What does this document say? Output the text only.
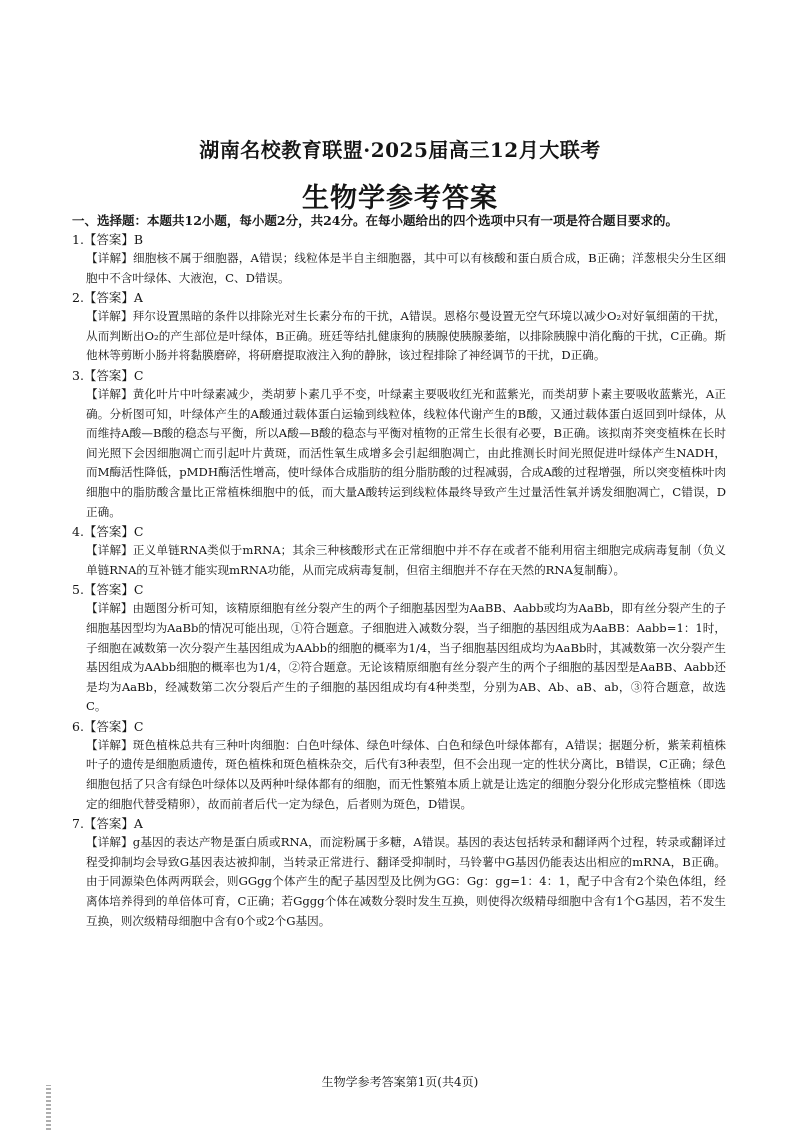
湖南名校教育联盟·2025届高三12月大联考
生物学参考答案

一、选择题：本题共12小题，每小题2分，共24分。在每小题给出的四个选项中只有一项是符合题目要求的。

1.【答案】B

【详解】细胞核不属于细胞器，A错误；线粒体是半自主细胞器，其中可以有核酸和蛋白质合成，B正确；洋葱根尖分生区细胞中不含叶绿体、大液泡，C、D错误。

2.【答案】A

【详解】拜尔设置黑暗的条件以排除光对生长素分布的干扰，A错误。恩格尔曼设置无空气环境以减少O₂对好氧细菌的干扰，从而判断出O₂的产生部位是叶绿体，B正确。班廷等结扎健康狗的胰腺使胰腺萎缩，以排除胰腺中消化酶的干扰，C正确。斯他林等剪断小肠并将黏膜磨碎，将研磨提取液注入狗的静脉，该过程排除了神经调节的干扰，D正确。

3.【答案】C

【详解】黄化叶片中叶绿素减少，类胡萝卜素几乎不变，叶绿素主要吸收红光和蓝紫光，而类胡萝卜素主要吸收蓝紫光，A正确。分析图可知，叶绿体产生的A酸通过载体蛋白运输到线粒体，线粒体代谢产生的B酸，又通过载体蛋白返回到叶绿体，从而维持A酸—B酸的稳态与平衡，所以A酸—B酸的稳态与平衡对植物的正常生长很有必要，B正确。该拟南芥突变植株在长时间光照下会因细胞凋亡而引起叶片黄斑，而活性氧生成增多会引起细胞凋亡，由此推测长时间光照促进叶绿体产生NADH，而M酶活性降低，pMDH酶活性增高，使叶绿体合成脂肪的组分脂肪酸的过程减弱，合成A酸的过程增强，所以突变植株叶肉细胞中的脂肪酸含量比正常植株细胞中的低，而大量A酸转运到线粒体最终导致产生过量活性氧并诱发细胞凋亡，C错误，D正确。

4.【答案】C

【详解】正义单链RNA类似于mRNA；其余三种核酸形式在正常细胞中并不存在或者不能利用宿主细胞完成病毒复制（负义单链RNA的互补链才能实现mRNA功能，从而完成病毒复制，但宿主细胞并不存在天然的RNA复制酶）。

5.【答案】C

【详解】由题图分析可知，该精原细胞有丝分裂产生的两个子细胞基因型为AaBB、Aabb或均为AaBb，即有丝分裂产生的子细胞基因型均为AaBb的情况可能出现，①符合题意。子细胞进入减数分裂，当子细胞的基因组成为AaBB：Aabb=1：1时，子细胞在减数第一次分裂产生基因组成为AAbb的细胞的概率为1/4，当子细胞基因组成均为AaBb时，其减数第一次分裂产生基因组成为AAbb细胞的概率也为1/4，②符合题意。无论该精原细胞有丝分裂产生的两个子细胞的基因型是AaBB、Aabb还是均为AaBb，经减数第二次分裂后产生的子细胞的基因组成均有4种类型，分别为AB、Ab、aB、ab，③符合题意，故选C。

6.【答案】C

【详解】斑色植株总共有三种叶肉细胞：白色叶绿体、绿色叶绿体、白色和绿色叶绿体都有，A错误；据题分析，紫茉莉植株叶子的遗传是细胞质遗传，斑色植株和斑色植株杂交，后代有3种表型，但不会出现一定的性状分离比，B错误，C正确；绿色细胞包括了只含有绿色叶绿体以及两种叶绿体都有的细胞，而无性繁殖本质上就是让选定的细胞分裂分化形成完整植株（即选定的细胞代替受精卵），故而前者后代一定为绿色，后者则为斑色，D错误。

7.【答案】A

【详解】g基因的表达产物是蛋白质或RNA，而淀粉属于多糖，A错误。基因的表达包括转录和翻译两个过程，转录或翻译过程受抑制均会导致G基因表达被抑制，当转录正常进行、翻译受抑制时，马铃薯中G基因仍能表达出相应的mRNA，B正确。由于同源染色体两两联会，则GGgg个体产生的配子基因型及比例为GG：Gg：gg=1：4：1，配子中含有2个染色体组，经离体培养得到的单倍体可育，C正确；若Gggg个体在减数分裂时发生互换，则使得次级精母细胞中含有1个G基因，若不发生互换，则次级精母细胞中含有0个或2个G基因。

生物学参考答案第1页(共4页)
